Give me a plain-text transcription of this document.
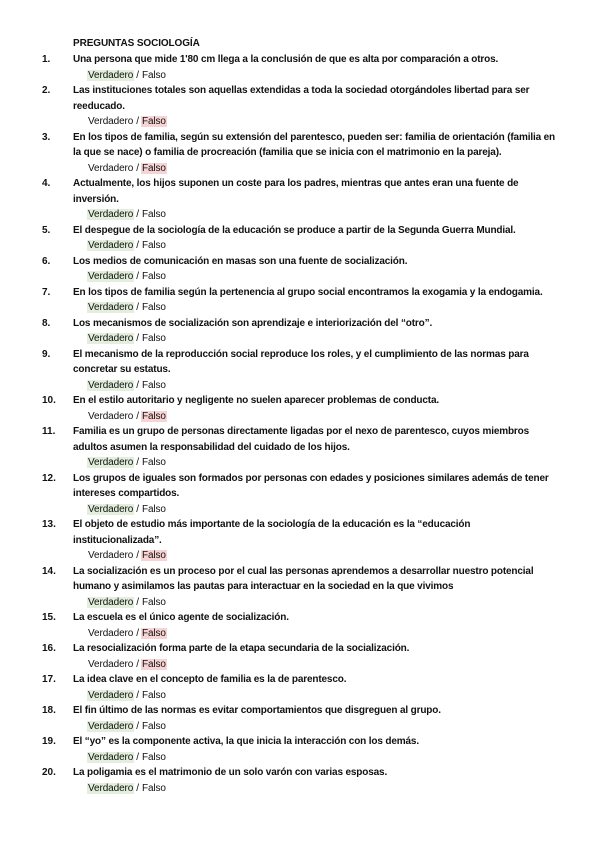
PREGUNTAS SOCIOLOGÍA
1.	Una persona que mide 1'80 cm llega a la conclusión de que es alta por comparación a otros.
Verdadero / Falso
2.	Las instituciones totales son aquellas extendidas a toda la sociedad otorgándoles libertad para ser reeducado.
Verdadero / Falso
3.	En los tipos de familia, según su extensión del parentesco, pueden ser: familia de orientación (familia en la que se nace) o familia de procreación (familia que se inicia con el matrimonio en la pareja).
Verdadero / Falso
4.	Actualmente, los hijos suponen un coste para los padres, mientras que antes eran una fuente de inversión.
Verdadero / Falso
5.	El despegue de la sociología de la educación se produce a partir de la Segunda Guerra Mundial.
Verdadero / Falso
6.	Los medios de comunicación en masas son una fuente de socialización.
Verdadero / Falso
7.	En los tipos de familia según la pertenencia al grupo social encontramos la exogamia y la endogamia.
Verdadero / Falso
8.	Los mecanismos de socialización son aprendizaje e interiorización del “otro”.
Verdadero / Falso
9.	El mecanismo de la reproducción social reproduce los roles, y el cumplimiento de las normas para concretar su estatus.
Verdadero / Falso
10.	En el estilo autoritario y negligente no suelen aparecer problemas de conducta.
Verdadero / Falso
11.	Familia es un grupo de personas directamente ligadas por el nexo de parentesco, cuyos miembros adultos asumen la responsabilidad del cuidado de los hijos.
Verdadero / Falso
12.	Los grupos de iguales son formados por personas con edades y posiciones similares además de tener intereses compartidos.
Verdadero / Falso
13.	El objeto de estudio más importante de la sociología de la educación es la “educación institucionalizada”.
Verdadero / Falso
14.	La socialización es un proceso por el cual las personas aprendemos a desarrollar nuestro potencial humano y asimilamos las pautas para interactuar en la sociedad en la que vivimos
Verdadero / Falso
15.	La escuela es el único agente de socialización.
Verdadero / Falso
16.	La resocialización forma parte de la etapa secundaria de la socialización.
Verdadero / Falso
17.	La idea clave en el concepto de familia es la de parentesco.
Verdadero / Falso
18.	El fin último de las normas es evitar comportamientos que disgreguen al grupo.
Verdadero / Falso
19.	El “yo” es la componente activa, la que inicia la interacción con los demás.
Verdadero / Falso
20.	La poligamia es el matrimonio de un solo varón con varias esposas.
Verdadero / Falso
